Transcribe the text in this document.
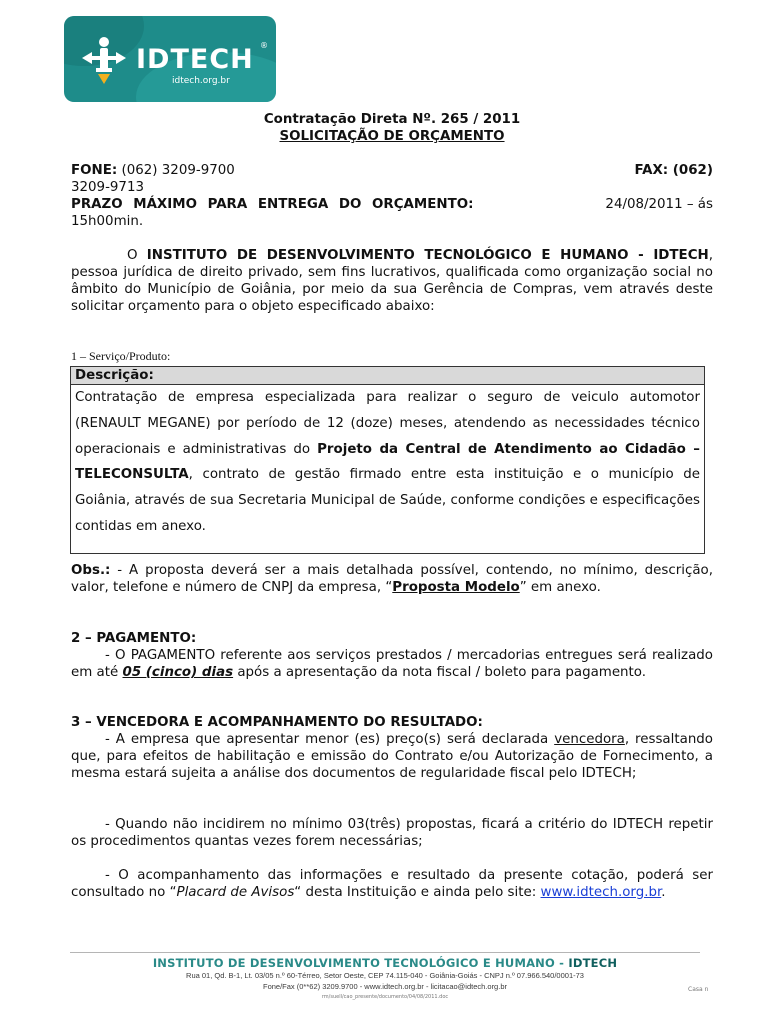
IDTECH ®
idtech.org.br
Contratação Direta Nº. 265 / 2011
SOLICITAÇÃO DE ORÇAMENTO
FONE: (062) 3209-9700	FAX: (062)
3209-9713
PRAZO MÁXIMO PARA ENTREGA DO ORÇAMENTO:	24/08/2011 – ás
15h00min.
O INSTITUTO DE DESENVOLVIMENTO TECNOLÓGICO E HUMANO - IDTECH, pessoa jurídica de direito privado, sem fins lucrativos, qualificada como organização social no âmbito do Município de Goiânia, por meio da sua Gerência de Compras, vem através deste solicitar orçamento para o objeto especificado abaixo:
1 – Serviço/Produto:
Descrição:
Contratação de empresa especializada para realizar o seguro de veiculo automotor (RENAULT MEGANE) por período de 12 (doze) meses, atendendo as necessidades técnico operacionais e administrativas do Projeto da Central de Atendimento ao Cidadão – TELECONSULTA, contrato de gestão firmado entre esta instituição e o município de Goiânia, através de sua Secretaria Municipal de Saúde, conforme condições e especificações contidas em anexo.
Obs.: - A proposta deverá ser a mais detalhada possível, contendo, no mínimo, descrição, valor, telefone e número de CNPJ da empresa, “Proposta Modelo” em anexo.
2 – PAGAMENTO:
- O PAGAMENTO referente aos serviços prestados / mercadorias entregues será realizado em até 05 (cinco) dias após a apresentação da nota fiscal / boleto para pagamento.
3 – VENCEDORA E ACOMPANHAMENTO DO RESULTADO:
- A empresa que apresentar menor (es) preço(s) será declarada vencedora, ressaltando que, para efeitos de habilitação e emissão do Contrato e/ou Autorização de Fornecimento, a mesma estará sujeita a análise dos documentos de regularidade fiscal pelo IDTECH;
- Quando não incidirem no mínimo 03(três) propostas, ficará a critério do IDTECH repetir os procedimentos quantas vezes forem necessárias;
- O acompanhamento das informações e resultado da presente cotação, poderá ser consultado no “Placard de Avisos“ desta Instituição e ainda pelo site: www.idtech.org.br.
INSTITUTO DE DESENVOLVIMENTO TECNOLÓGICO E HUMANO - IDTECH
Rua 01, Qd. B-1, Lt. 03/05 n.º 60-Térreo, Setor Oeste, CEP 74.115-040 - Goiânia-Goiás - CNPJ n.º 07.966.540/0001-73
Fone/Fax (0**62) 3209.9700 - www.idtech.org.br - licitacao@idtech.org.br
rm/suell/cao_presente/documento/04/08/2011.doc
Casa n
